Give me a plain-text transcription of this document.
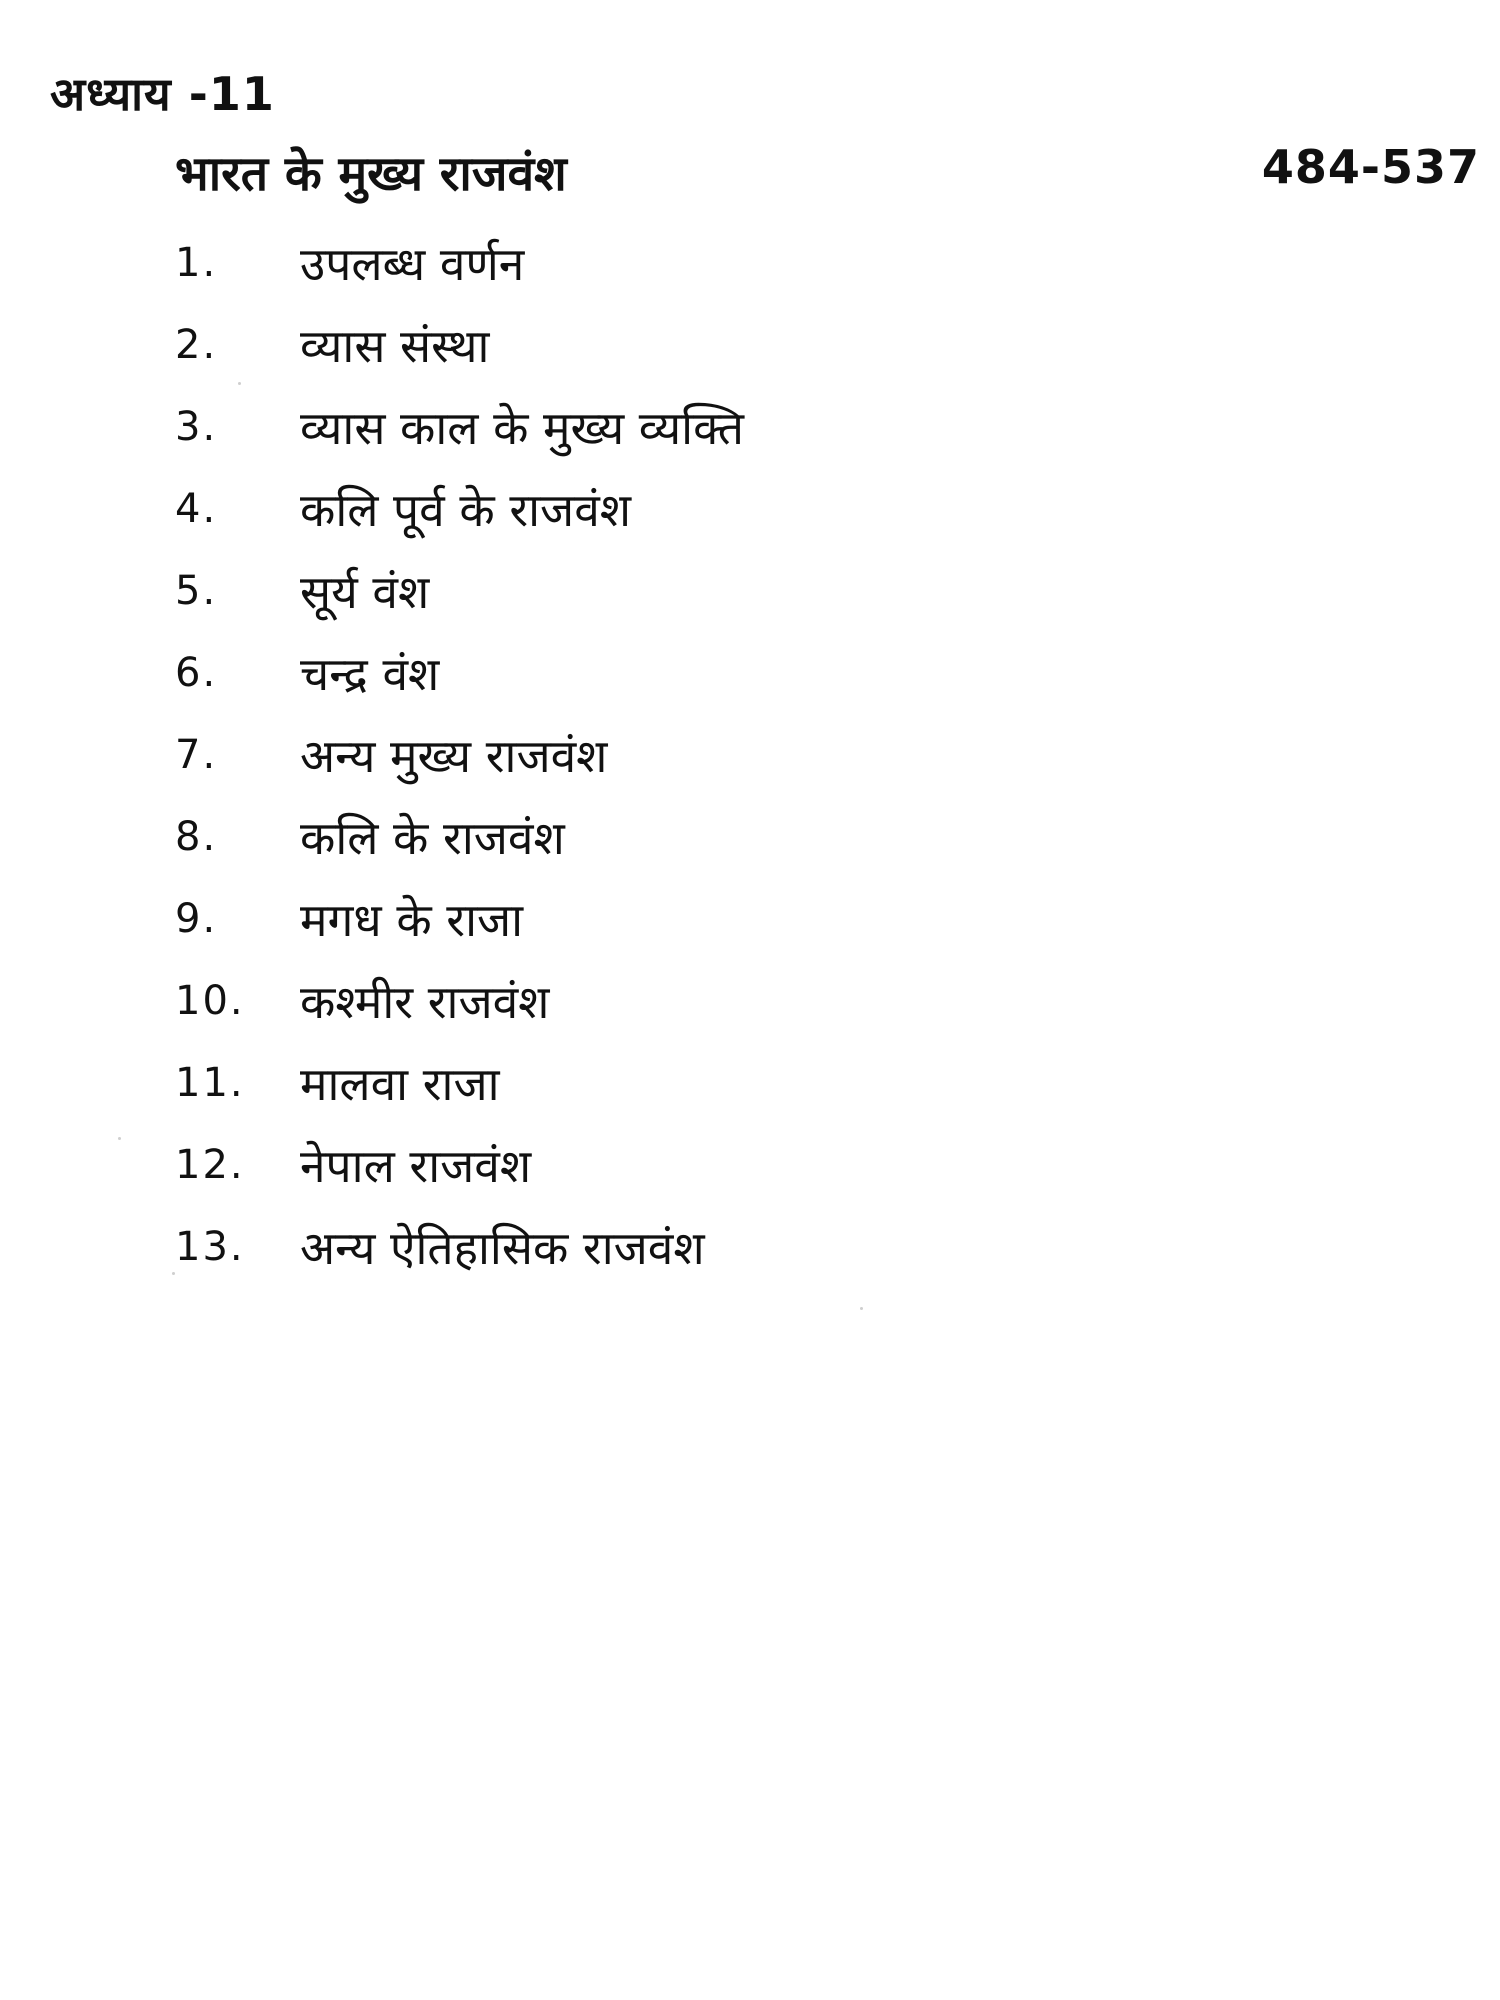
अध्याय -11
भारत के मुख्य राजवंश	484-537
1.	उपलब्ध वर्णन
2.	व्यास संस्था
3.	व्यास काल के मुख्य व्यक्ति
4.	कलि पूर्व के राजवंश
5.	सूर्य वंश
6.	चन्द्र वंश
7.	अन्य मुख्य राजवंश
8.	कलि के राजवंश
9.	मगध के राजा
10.	कश्मीर राजवंश
11.	मालवा राजा
12.	नेपाल राजवंश
13.	अन्य ऐतिहासिक राजवंश
